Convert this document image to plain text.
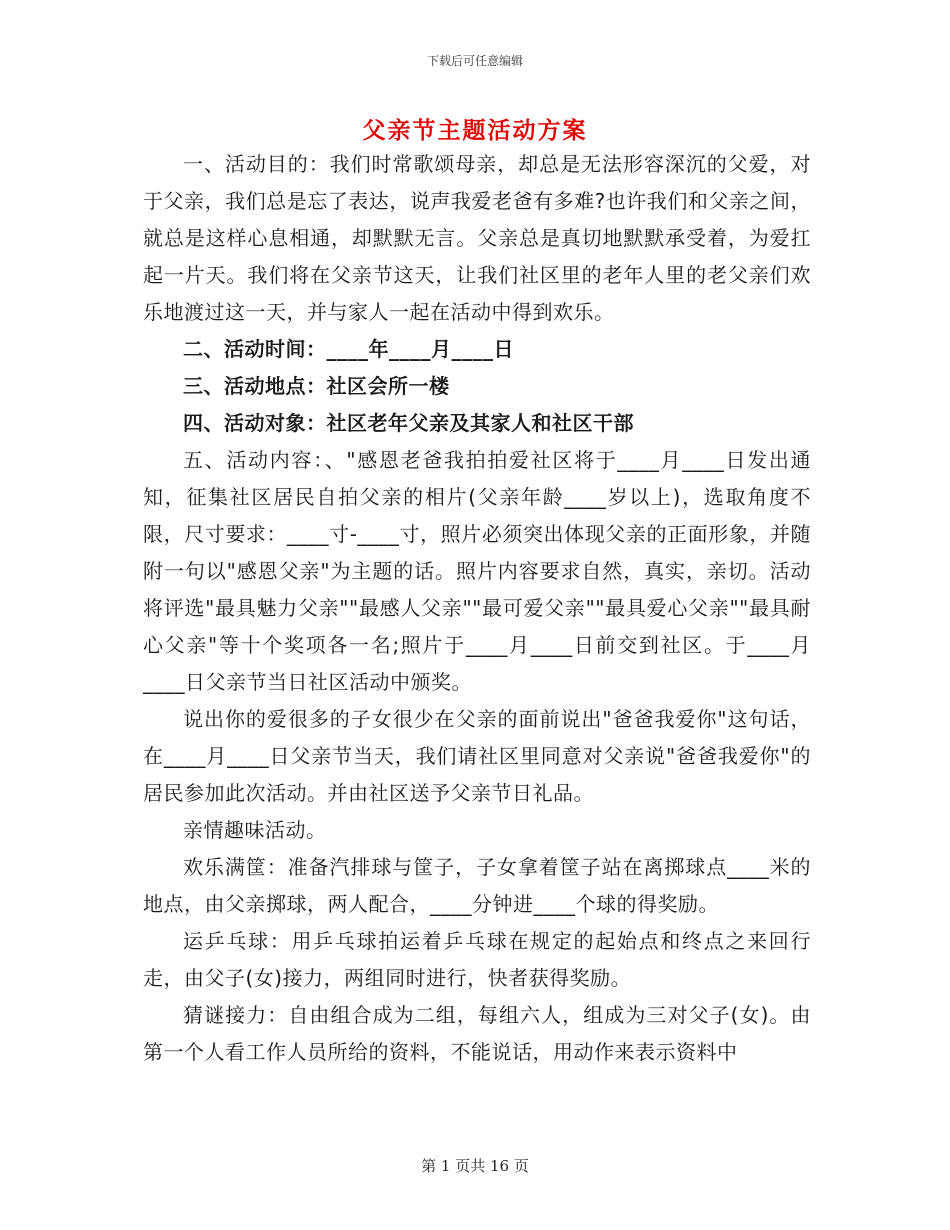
下载后可任意编辑
父亲节主题活动方案

一、活动目的：我们时常歌颂母亲，却总是无法形容深沉的父爱，对于父亲，我们总是忘了表达，说声我爱老爸有多难?也许我们和父亲之间，就总是这样心息相通，却默默无言。父亲总是真切地默默承受着，为爱扛起一片天。我们将在父亲节这天，让我们社区里的老年人里的老父亲们欢乐地渡过这一天，并与家人一起在活动中得到欢乐。

二、活动时间：____年____月____日

三、活动地点：社区会所一楼

四、活动对象：社区老年父亲及其家人和社区干部

五、活动内容：、"感恩老爸我拍拍爱社区将于____月____日发出通知，征集社区居民自拍父亲的相片(父亲年龄____岁以上)，选取角度不限，尺寸要求：____寸-____寸，照片必须突出体现父亲的正面形象，并随附一句以"感恩父亲"为主题的话。照片内容要求自然，真实，亲切。活动将评选"最具魅力父亲""最感人父亲""最可爱父亲""最具爱心父亲""最具耐心父亲"等十个奖项各一名;照片于____月____日前交到社区。于____月____日父亲节当日社区活动中颁奖。

说出你的爱很多的子女很少在父亲的面前说出"爸爸我爱你"这句话，在____月____日父亲节当天，我们请社区里同意对父亲说"爸爸我爱你"的居民参加此次活动。并由社区送予父亲节日礼品。

亲情趣味活动。

欢乐满筐：准备汽排球与筐子，子女拿着筐子站在离掷球点____米的地点，由父亲掷球，两人配合，____分钟进____个球的得奖励。

运乒乓球：用乒乓球拍运着乒乓球在规定的起始点和终点之来回行走，由父子(女)接力，两组同时进行，快者获得奖励。

猜谜接力：自由组合成为二组，每组六人，组成为三对父子(女)。由第一个人看工作人员所给的资料，不能说话，用动作来表示资料中

第 1 页共 16 页
